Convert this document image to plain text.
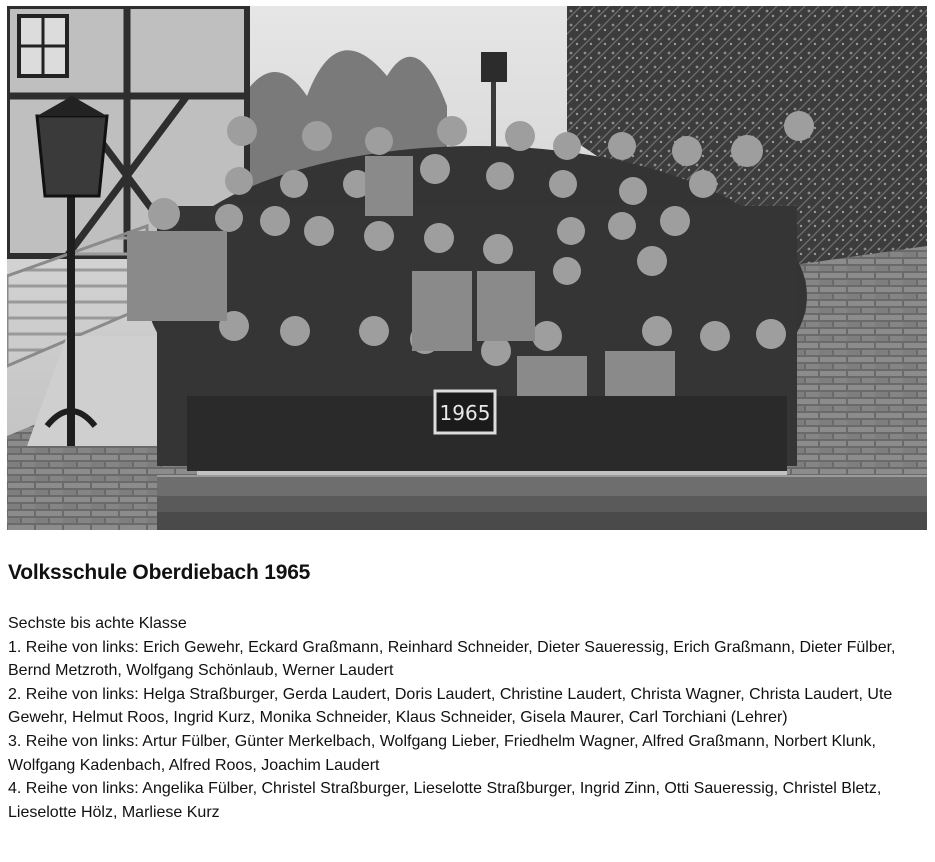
1965
Volksschule Oberdiebach 1965
Sechste bis achte Klasse
1. Reihe von links: Erich Gewehr, Eckard Graßmann, Reinhard Schneider, Dieter Saueressig, Erich Graßmann, Dieter Fülber, Bernd Metzroth, Wolfgang Schönlaub, Werner Laudert
2. Reihe von links: Helga Straßburger, Gerda Laudert, Doris Laudert, Christine Laudert, Christa Wagner, Christa Laudert, Ute Gewehr, Helmut Roos, Ingrid Kurz, Monika Schneider, Klaus Schneider, Gisela Maurer, Carl Torchiani (Lehrer)
3. Reihe von links: Artur Fülber, Günter Merkelbach, Wolfgang Lieber, Friedhelm Wagner, Alfred Graßmann, Norbert Klunk, Wolfgang Kadenbach, Alfred Roos, Joachim Laudert
4. Reihe von links: Angelika Fülber, Christel Straßburger, Lieselotte Straßburger, Ingrid Zinn, Otti Saueressig, Christel Bletz, Lieselotte Hölz, Marliese Kurz
